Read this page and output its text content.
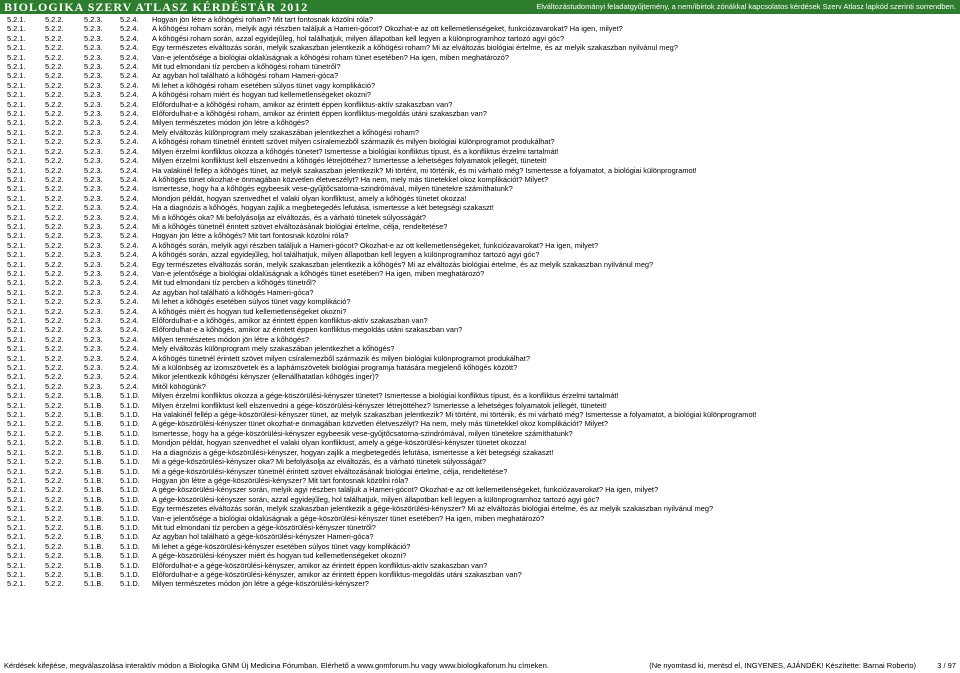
BIOLOGIKA SZERV ATLASZ KÉRDÉSTÁR 2012	Elváltozástudományi feladatgyűjtemény, a nem/ibirtok zónákkal kapcsolatos kérdések Szerv Atlasz lapkód szerinti sorrendben.
5.2.1.	5.2.2.	5.2.3.	5.2.4.	Hogyan jön létre a kőhögési roham? Mit tart fontosnak közölni róla?
5.2.1.	5.2.2.	5.2.3.	5.2.4.	A kőhögési roham során, melyik agyi részben találjuk a Hameri-gócot? Okozhat-e az ott kellemetlenségeket, funkciózavarokat? Ha igen, milyet?
5.2.1.	5.2.2.	5.2.3.	5.2.4.	A kőhögési roham során, azzal egyidejűleg, hol találhatjuk, milyen állapotban kell legyen a különprogramhoz tartozó agyi góc?
5.2.1.	5.2.2.	5.2.3.	5.2.4.	Egy természetes elváltozás során, melyik szakaszban jelentkezik a kőhögési roham? Mi az elváltozás biológiai értelme, és az melyik szakaszban nyilvánul meg?
5.2.1.	5.2.2.	5.2.3.	5.2.4.	Van-e jelentősége a biológiai oldalúságnak a kőhögési roham tünet esetében? Ha igen, miben meghatározó?
5.2.1.	5.2.2.	5.2.3.	5.2.4.	Mit tud elmondani tíz percben a kőhögési roham tünetről?
5.2.1.	5.2.2.	5.2.3.	5.2.4.	Az agyban hol található a kőhögési roham Hameri-góca?
5.2.1.	5.2.2.	5.2.3.	5.2.4.	Mi lehet a kőhögési roham esetében súlyos tünet vagy komplikáció?
5.2.1.	5.2.2.	5.2.3.	5.2.4.	A kőhögési roham miért és hogyan tud kellemetlenségeket okozni?
5.2.1.	5.2.2.	5.2.3.	5.2.4.	Előfordulhat-e a kőhögési roham, amikor az érintett éppen konfliktus-aktív szakaszban van?
5.2.1.	5.2.2.	5.2.3.	5.2.4.	Előfordulhat-e a kőhögési roham, amikor az érintett éppen konfliktus-megoldás utáni szakaszban van?
5.2.1.	5.2.2.	5.2.3.	5.2.4.	Milyen természetes módon jön létre a kőhögés?
5.2.1.	5.2.2.	5.2.3.	5.2.4.	Mely elváltozás különprogram mely szakaszában jelentkezhet a kőhögési roham?
5.2.1.	5.2.2.	5.2.3.	5.2.4.	A kőhögési roham tünetnél érintett szövet milyen csíralemezből származik és milyen biológiai különprogramot produkálhat?
5.2.1.	5.2.2.	5.2.3.	5.2.4.	Milyen érzelmi konfliktus okozza a kőhögés tünetet? Ismertesse a biológiai konfliktus típust, és a konfliktus érzelmi tartalmát!
5.2.1.	5.2.2.	5.2.3.	5.2.4.	Milyen érzelmi konfliktust kell elszenvedni a kőhögés létrejöttéhez? Ismertesse a lehetséges folyamatok jellegét, tüneteit!
5.2.1.	5.2.2.	5.2.3.	5.2.4.	Ha valakinél fellép a kőhögés tünet, az melyik szakaszban jelentkezik? Mi történt, mi történik, és mi várható még? Ismertesse a folyamatot, a biológiai különprogramot!
5.2.1.	5.2.2.	5.2.3.	5.2.4.	A kőhögés tünet okozhat-e önmagában közvetlen életveszélyt? Ha nem, mely más tünetekkel okoz komplikációt? Milyet?
5.2.1.	5.2.2.	5.2.3.	5.2.4.	Ismertesse, hogy ha a kőhögés egybeesik vese-gyűjtőcsatorna-szindrómával, milyen tünetekre számíthatunk?
5.2.1.	5.2.2.	5.2.3.	5.2.4.	Mondjon példát, hogyan szenvedhet el valaki olyan konfliktust, amely a kőhögés tünetet okozza!
5.2.1.	5.2.2.	5.2.3.	5.2.4.	Ha a diagnózis a kőhögés, hogyan zajlik a megbetegedés lefutása, ismertesse a két betegségi szakaszt!
5.2.1.	5.2.2.	5.2.3.	5.2.4.	Mi a kőhögés oka? Mi befolyásolja az elváltozás, és a várható tünetek súlyosságát?
5.2.1.	5.2.2.	5.2.3.	5.2.4.	Mi a kőhögés tünetnél érintett szövet elváltozásának biológiai értelme, célja, rendeltetése?
5.2.1.	5.2.2.	5.2.3.	5.2.4.	Hogyan jön létre a kőhögés? Mit tart fontosnak közölni róla?
5.2.1.	5.2.2.	5.2.3.	5.2.4.	A kőhögés során, melyik agyi részben találjuk a Hameri-gócot? Okozhat-e az ott kellemetlenségeket, funkciózavarokat? Ha igen, milyet?
5.2.1.	5.2.2.	5.2.3.	5.2.4.	A kőhögés során, azzal egyidejűleg, hol találhatjuk, milyen állapotban kell legyen a különprogramhoz tartozó agyi góc?
5.2.1.	5.2.2.	5.2.3.	5.2.4.	Egy természetes elváltozás során, melyik szakaszban jelentkezik a kőhögés? Mi az elváltozás biológiai értelme, és az melyik szakaszban nyilvánul meg?
5.2.1.	5.2.2.	5.2.3.	5.2.4.	Van-e jelentősége a biológiai oldalúságnak a kőhögés tünet esetében? Ha igen, miben meghatározó?
5.2.1.	5.2.2.	5.2.3.	5.2.4.	Mit tud elmondani tíz percben a kőhögés tünetről?
5.2.1.	5.2.2.	5.2.3.	5.2.4.	Az agyban hol található a kőhögés Hameri-góca?
5.2.1.	5.2.2.	5.2.3.	5.2.4.	Mi lehet a kőhögés esetében súlyos tünet vagy komplikáció?
5.2.1.	5.2.2.	5.2.3.	5.2.4.	A kőhögés miért és hogyan tud kellemetlenségeket okozni?
5.2.1.	5.2.2.	5.2.3.	5.2.4.	Előfordulhat-e a kőhögés, amikor az érintett éppen konfliktus-aktív szakaszban van?
5.2.1.	5.2.2.	5.2.3.	5.2.4.	Előfordulhat-e a kőhögés, amikor az érintett éppen konfliktus-megoldás utáni szakaszban van?
5.2.1.	5.2.2.	5.2.3.	5.2.4.	Milyen természetes módon jön létre a kőhögés?
5.2.1.	5.2.2.	5.2.3.	5.2.4.	Mely elváltozás különprogram mely szakaszában jelentkezhet a kőhögés?
5.2.1.	5.2.2.	5.2.3.	5.2.4.	A kőhögés tünetnél érintett szövet milyen csíralemezből származik és milyen biológiai különprogramot produkálhat?
5.2.1.	5.2.2.	5.2.3.	5.2.4.	Mi a különbség az izomszövetek és a laphámszövetek biológiai programja hatására megjelenő kőhögés között?
5.2.1.	5.2.2.	5.2.3.	5.2.4.	Mikor jelentkezik kőhögési kényszer (ellenállhatatlan kőhögés inger)?
5.2.1.	5.2.2.	5.2.3.	5.2.4.	Mitől köhögünk?
5.2.1.	5.2.2.	5.1.B.	5.1.D.	Milyen érzelmi konfliktus okozza a gége-köszörülési-kényszer tünetet? Ismertesse a biológiai konfliktus típust, és a konfliktus érzelmi tartalmát!
5.2.1.	5.2.2.	5.1.B.	5.1.D.	Milyen érzelmi konfliktust kell elszenvedni a gége-köszörülési-kényszer létrejöttéhez? Ismertesse a lehetséges folyamatok jellegét, tüneteit!
5.2.1.	5.2.2.	5.1.B.	5.1.D.	Ha valakinél fellép a gége-köszörülési-kényszer tünet, az melyik szakaszban jelentkezik? Mi történt, mi történik, és mi várható még? Ismertesse a folyamatot, a biológiai különprogramot!
5.2.1.	5.2.2.	5.1.B.	5.1.D.	A gége-köszörülési-kényszer tünet okozhat-e önmagában közvetlen életveszélyt? Ha nem, mely más tünetekkel okoz komplikációt? Milyet?
5.2.1.	5.2.2.	5.1.B.	5.1.D.	Ismertesse, hogy ha a gége-köszörülési-kényszer egybeesik vese-gyűjtőcsatorna-szindrómával, milyen tünetekre számíthatunk?
5.2.1.	5.2.2.	5.1.B.	5.1.D.	Mondjon példát, hogyan szenvedhet el valaki olyan konfliktust, amely a gége-köszörülési-kényszer tünetet okozza!
5.2.1.	5.2.2.	5.1.B.	5.1.D.	Ha a diagnózis a gége-köszörülési-kényszer, hogyan zajlik a megbetegedés lefutása, ismertesse a két betegségi szakaszt!
5.2.1.	5.2.2.	5.1.B.	5.1.D.	Mi a gége-köszörülési-kényszer oka? Mi befolyásolja az elváltozás, és a várható tünetek súlyosságát?
5.2.1.	5.2.2.	5.1.B.	5.1.D.	Mi a gége-köszörülési-kényszer tünetnél érintett szövet elváltozásának biológiai értelme, célja, rendeltetése?
5.2.1.	5.2.2.	5.1.B.	5.1.D.	Hogyan jön létre a gége-köszörülési-kényszer? Mit tart fontosnak közölni róla?
5.2.1.	5.2.2.	5.1.B.	5.1.D.	A gége-köszörülési-kényszer során, melyik agyi részben találjuk a Hameri-gócot? Okozhat-e az ott kellemetlenségeket, funkciózavarokat? Ha igen, milyet?
5.2.1.	5.2.2.	5.1.B.	5.1.D.	A gége-köszörülési-kényszer során, azzal egyidejűleg, hol találhatjuk, milyen állapotban kell legyen a különprogramhoz tartozó agyi góc?
5.2.1.	5.2.2.	5.1.B.	5.1.D.	Egy természetes elváltozás során, melyik szakaszban jelentkezik a gége-köszörülési-kényszer? Mi az elváltozás biológiai értelme, és az melyik szakaszban nyilvánul meg?
5.2.1.	5.2.2.	5.1.B.	5.1.D.	Van-e jelentősége a biológiai oldalúságnak a gége-köszörülési-kényszer tünet esetében? Ha igen, miben meghatározó?
5.2.1.	5.2.2.	5.1.B.	5.1.D.	Mit tud elmondani tíz percben a gége-köszörülési-kényszer tünetről?
5.2.1.	5.2.2.	5.1.B.	5.1.D.	Az agyban hol található a gége-köszörülési-kényszer Hameri-góca?
5.2.1.	5.2.2.	5.1.B.	5.1.D.	Mi lehet a gége-köszörülési-kényszer esetében súlyos tünet vagy komplikáció?
5.2.1.	5.2.2.	5.1.B.	5.1.D.	A gége-köszörülési-kényszer miért és hogyan tud kellemetlenségeket okozni?
5.2.1.	5.2.2.	5.1.B.	5.1.D.	Előfordulhat-e a gége-köszörülési-kényszer, amikor az érintett éppen konfliktus-aktív szakaszban van?
5.2.1.	5.2.2.	5.1.B.	5.1.D.	Előfordulhat-e a gége-köszörülési-kényszer, amikor az érintett éppen konfliktus-megoldás utáni szakaszban van?
5.2.1.	5.2.2.	5.1.B.	5.1.D.	Milyen természetes módon jön létre a gége-köszörülési-kényszer?
Kérdések kifejtése, megválaszolása interaktív módon a Biologika GNM Új Medicina Fórumban. Elérhető a www.gnmforum.hu vagy www.biologikaforum.hu címeken.	(Ne nyomtasd ki, mentsd el, INGYENES, AJÁNDÉK! Készítette: Barnai Roberto)	3 / 97
